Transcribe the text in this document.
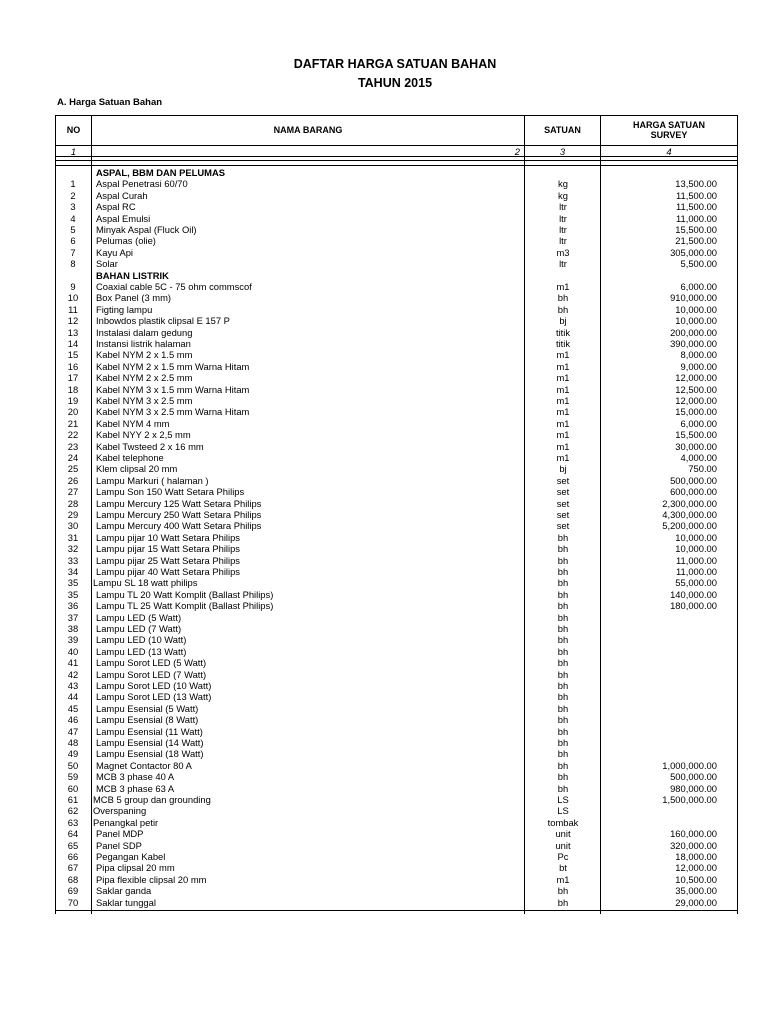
DAFTAR HARGA SATUAN BAHAN
TAHUN 2015
A. Harga Satuan Bahan
NO	NAMA BARANG	SATUAN	HARGA SATUAN
SURVEY
1	2	3	4
ASPAL, BBM DAN PELUMAS
1	Aspal Penetrasi 60/70	kg	13,500.00
2	Aspal Curah	kg	11,500.00
3	Aspal RC	ltr	11,500.00
4	Aspal Emulsi	ltr	11,000.00
5	Minyak Aspal (Fluck Oil)	ltr	15,500.00
6	Pelumas (olie)	ltr	21,500.00
7	Kayu Api	m3	305,000.00
8	Solar	ltr	5,500.00
BAHAN LISTRIK
9	Coaxial cable 5C - 75 ohm commscof	m1	6,000.00
10	Box Panel (3 mm)	bh	910,000.00
11	Figting lampu	bh	10,000.00
12	Inbowdos plastik clipsal E 157 P	bj	10,000.00
13	Instalasi dalam gedung	titik	200,000.00
14	Instansi listrik halaman	titik	390,000.00
15	Kabel NYM 2 x 1.5 mm	m1	8,000.00
16	Kabel NYM 2 x 1.5 mm Warna Hitam	m1	9,000.00
17	Kabel NYM 2 x 2.5 mm	m1	12,000.00
18	Kabel NYM 3 x 1.5 mm Warna Hitam	m1	12,500.00
19	Kabel NYM 3 x 2.5 mm	m1	12,000.00
20	Kabel NYM 3 x 2.5 mm Warna Hitam	m1	15,000.00
21	Kabel NYM 4 mm	m1	6,000.00
22	Kabel NYY 2 x 2,5 mm	m1	15,500.00
23	Kabel Twsteed 2 x 16 mm	m1	30,000.00
24	Kabel telephone	m1	4,000.00
25	Klem clipsal 20 mm	bj	750.00
26	Lampu Markuri ( halaman )	set	500,000.00
27	Lampu Son 150 Watt Setara Philips	set	600,000.00
28	Lampu Mercury 125 Watt Setara Philips	set	2,300,000.00
29	Lampu Mercury 250 Watt Setara Philips	set	4,300,000.00
30	Lampu Mercury 400 Watt Setara Philips	set	5,200,000.00
31	Lampu pijar 10 Watt Setara Philips	bh	10,000.00
32	Lampu pijar 15 Watt Setara Philips	bh	10,000.00
33	Lampu pijar 25 Watt Setara Philips	bh	11,000.00
34	Lampu pijar 40 Watt Setara Philips	bh	11,000.00
35	Lampu SL 18 watt philips	bh	55,000.00
35	Lampu TL 20 Watt Komplit (Ballast Philips)	bh	140,000.00
36	Lampu TL 25 Watt Komplit (Ballast Philips)	bh	180,000.00
37	Lampu LED (5 Watt)	bh
38	Lampu LED (7 Watt)	bh
39	Lampu LED (10 Watt)	bh
40	Lampu LED (13 Watt)	bh
41	Lampu Sorot LED (5 Watt)	bh
42	Lampu Sorot LED (7 Watt)	bh
43	Lampu Sorot LED (10 Watt)	bh
44	Lampu Sorot LED (13 Watt)	bh
45	Lampu Esensial (5 Watt)	bh
46	Lampu Esensial (8 Watt)	bh
47	Lampu Esensial (11 Watt)	bh
48	Lampu Esensial (14 Watt)	bh
49	Lampu Esensial (18 Watt)	bh
50	Magnet Contactor 80 A	bh	1,000,000.00
59	MCB 3 phase 40 A	bh	500,000.00
60	MCB 3 phase 63 A	bh	980,000.00
61	MCB 5 group dan grounding	LS	1,500,000.00
62	Overspaning	LS
63	Penangkal petir	tombak
64	Panel MDP	unit	160,000.00
65	Panel SDP	unit	320,000.00
66	Pegangan Kabel	Pc	18,000.00
67	Pipa clipsal 20 mm	bt	12,000.00
68	Pipa flexible clipsal 20 mm	m1	10,500.00
69	Saklar ganda	bh	35,000.00
70	Saklar tunggal	bh	29,000.00
